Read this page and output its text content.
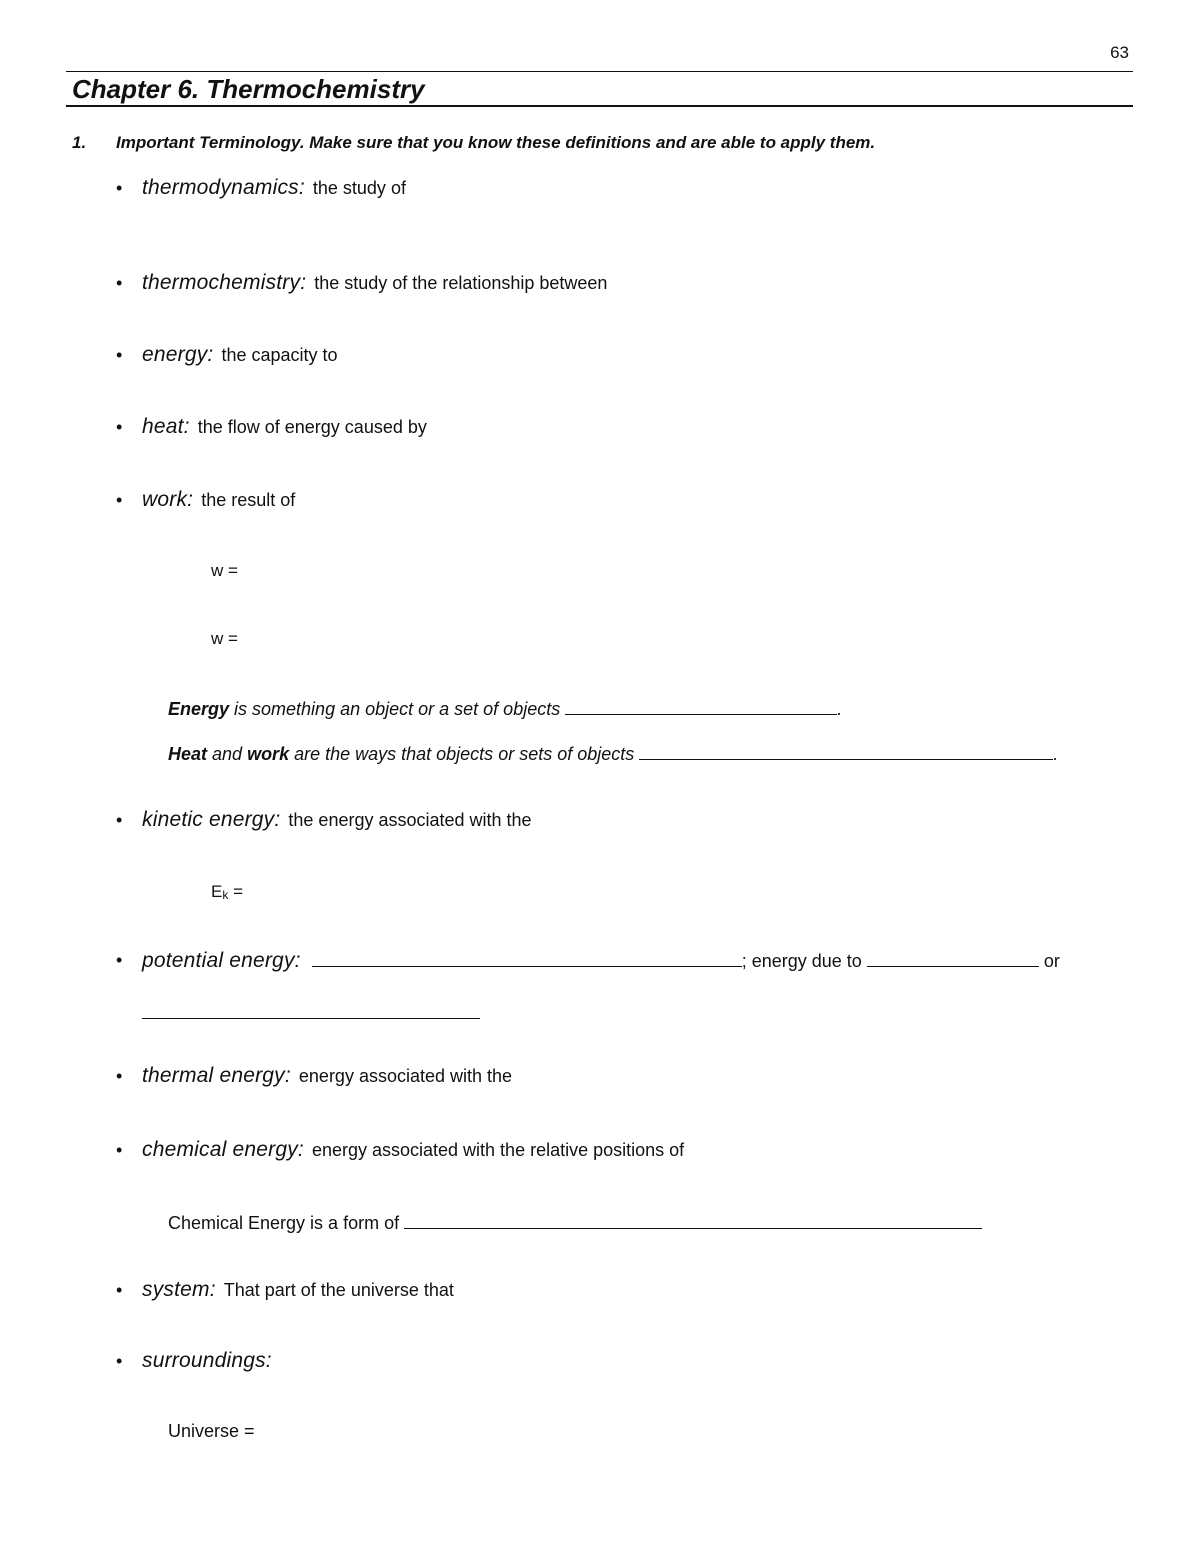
63
Chapter 6. Thermochemistry
1. Important Terminology. Make sure that you know these definitions and are able to apply them.
• thermodynamics: the study of
• thermochemistry: the study of the relationship between
• energy: the capacity to
• heat: the flow of energy caused by
• work: the result of
w =
w =
Energy is something an object or a set of objects	.
Heat and work are the ways that objects or sets of objects	.
• kinetic energy: the energy associated with the
Ek =
• potential energy:	; energy due to	or
• thermal energy: energy associated with the
• chemical energy: energy associated with the relative positions of
Chemical Energy is a form of
• system: That part of the universe that
• surroundings:
Universe =
